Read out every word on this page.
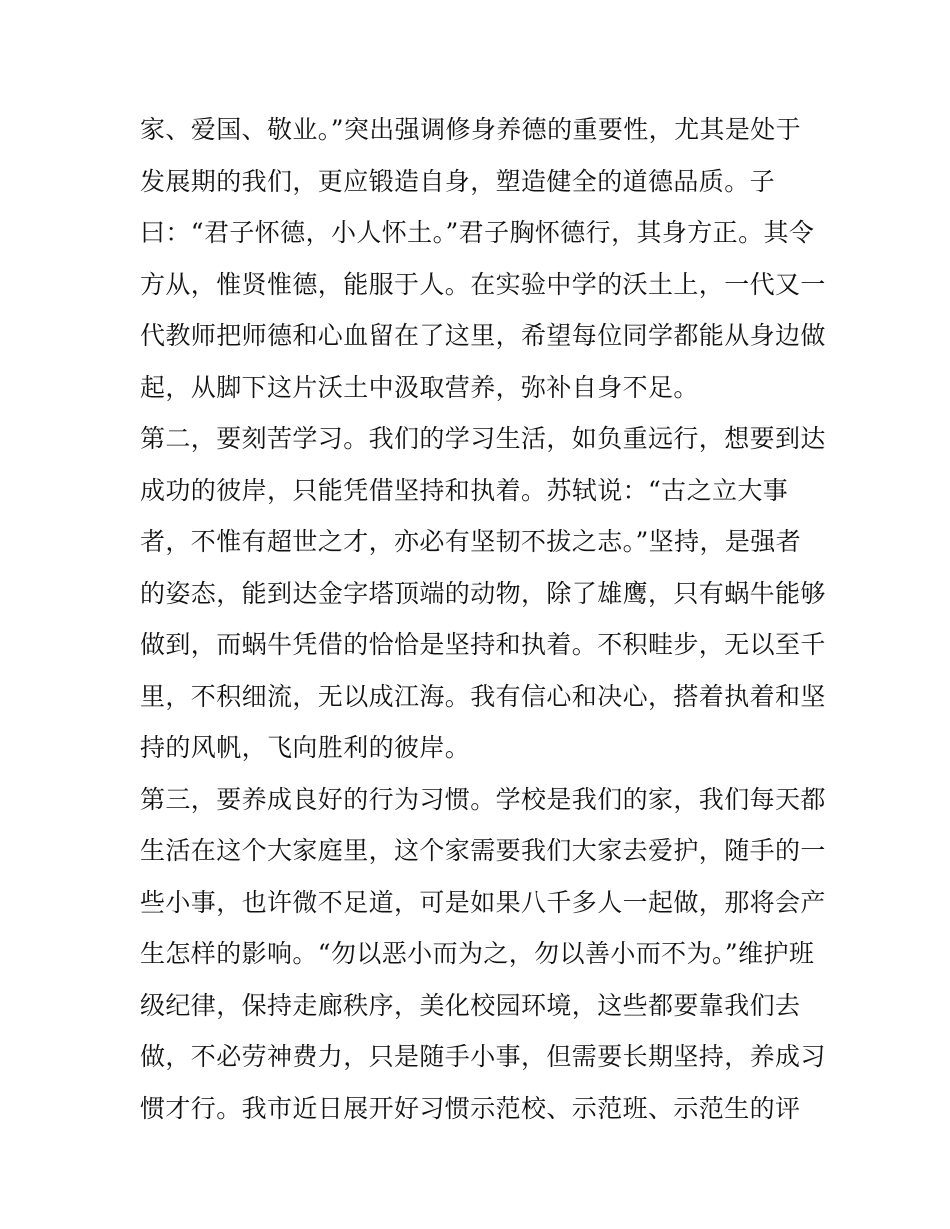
家、爱国、敬业。”突出强调修身养德的重要性，尤其是处于
发展期的我们，更应锻造自身，塑造健全的道德品质。子
曰：“君子怀德，小人怀土。”君子胸怀德行，其身方正。其令
方从，惟贤惟德，能服于人。在实验中学的沃土上，一代又一
代教师把师德和心血留在了这里，希望每位同学都能从身边做
起，从脚下这片沃土中汲取营养，弥补自身不足。
第二，要刻苦学习。我们的学习生活，如负重远行，想要到达
成功的彼岸，只能凭借坚持和执着。苏轼说：“古之立大事
者，不惟有超世之才，亦必有坚韧不拔之志。”坚持，是强者
的姿态，能到达金字塔顶端的动物，除了雄鹰，只有蜗牛能够
做到，而蜗牛凭借的恰恰是坚持和执着。不积畦步，无以至千
里，不积细流，无以成江海。我有信心和决心，搭着执着和坚
持的风帆，飞向胜利的彼岸。
第三，要养成良好的行为习惯。学校是我们的家，我们每天都
生活在这个大家庭里，这个家需要我们大家去爱护，随手的一
些小事，也许微不足道，可是如果八千多人一起做，那将会产
生怎样的影响。“勿以恶小而为之，勿以善小而不为。”维护班
级纪律，保持走廊秩序，美化校园环境，这些都要靠我们去
做，不必劳神费力，只是随手小事，但需要长期坚持，养成习
惯才行。我市近日展开好习惯示范校、示范班、示范生的评
